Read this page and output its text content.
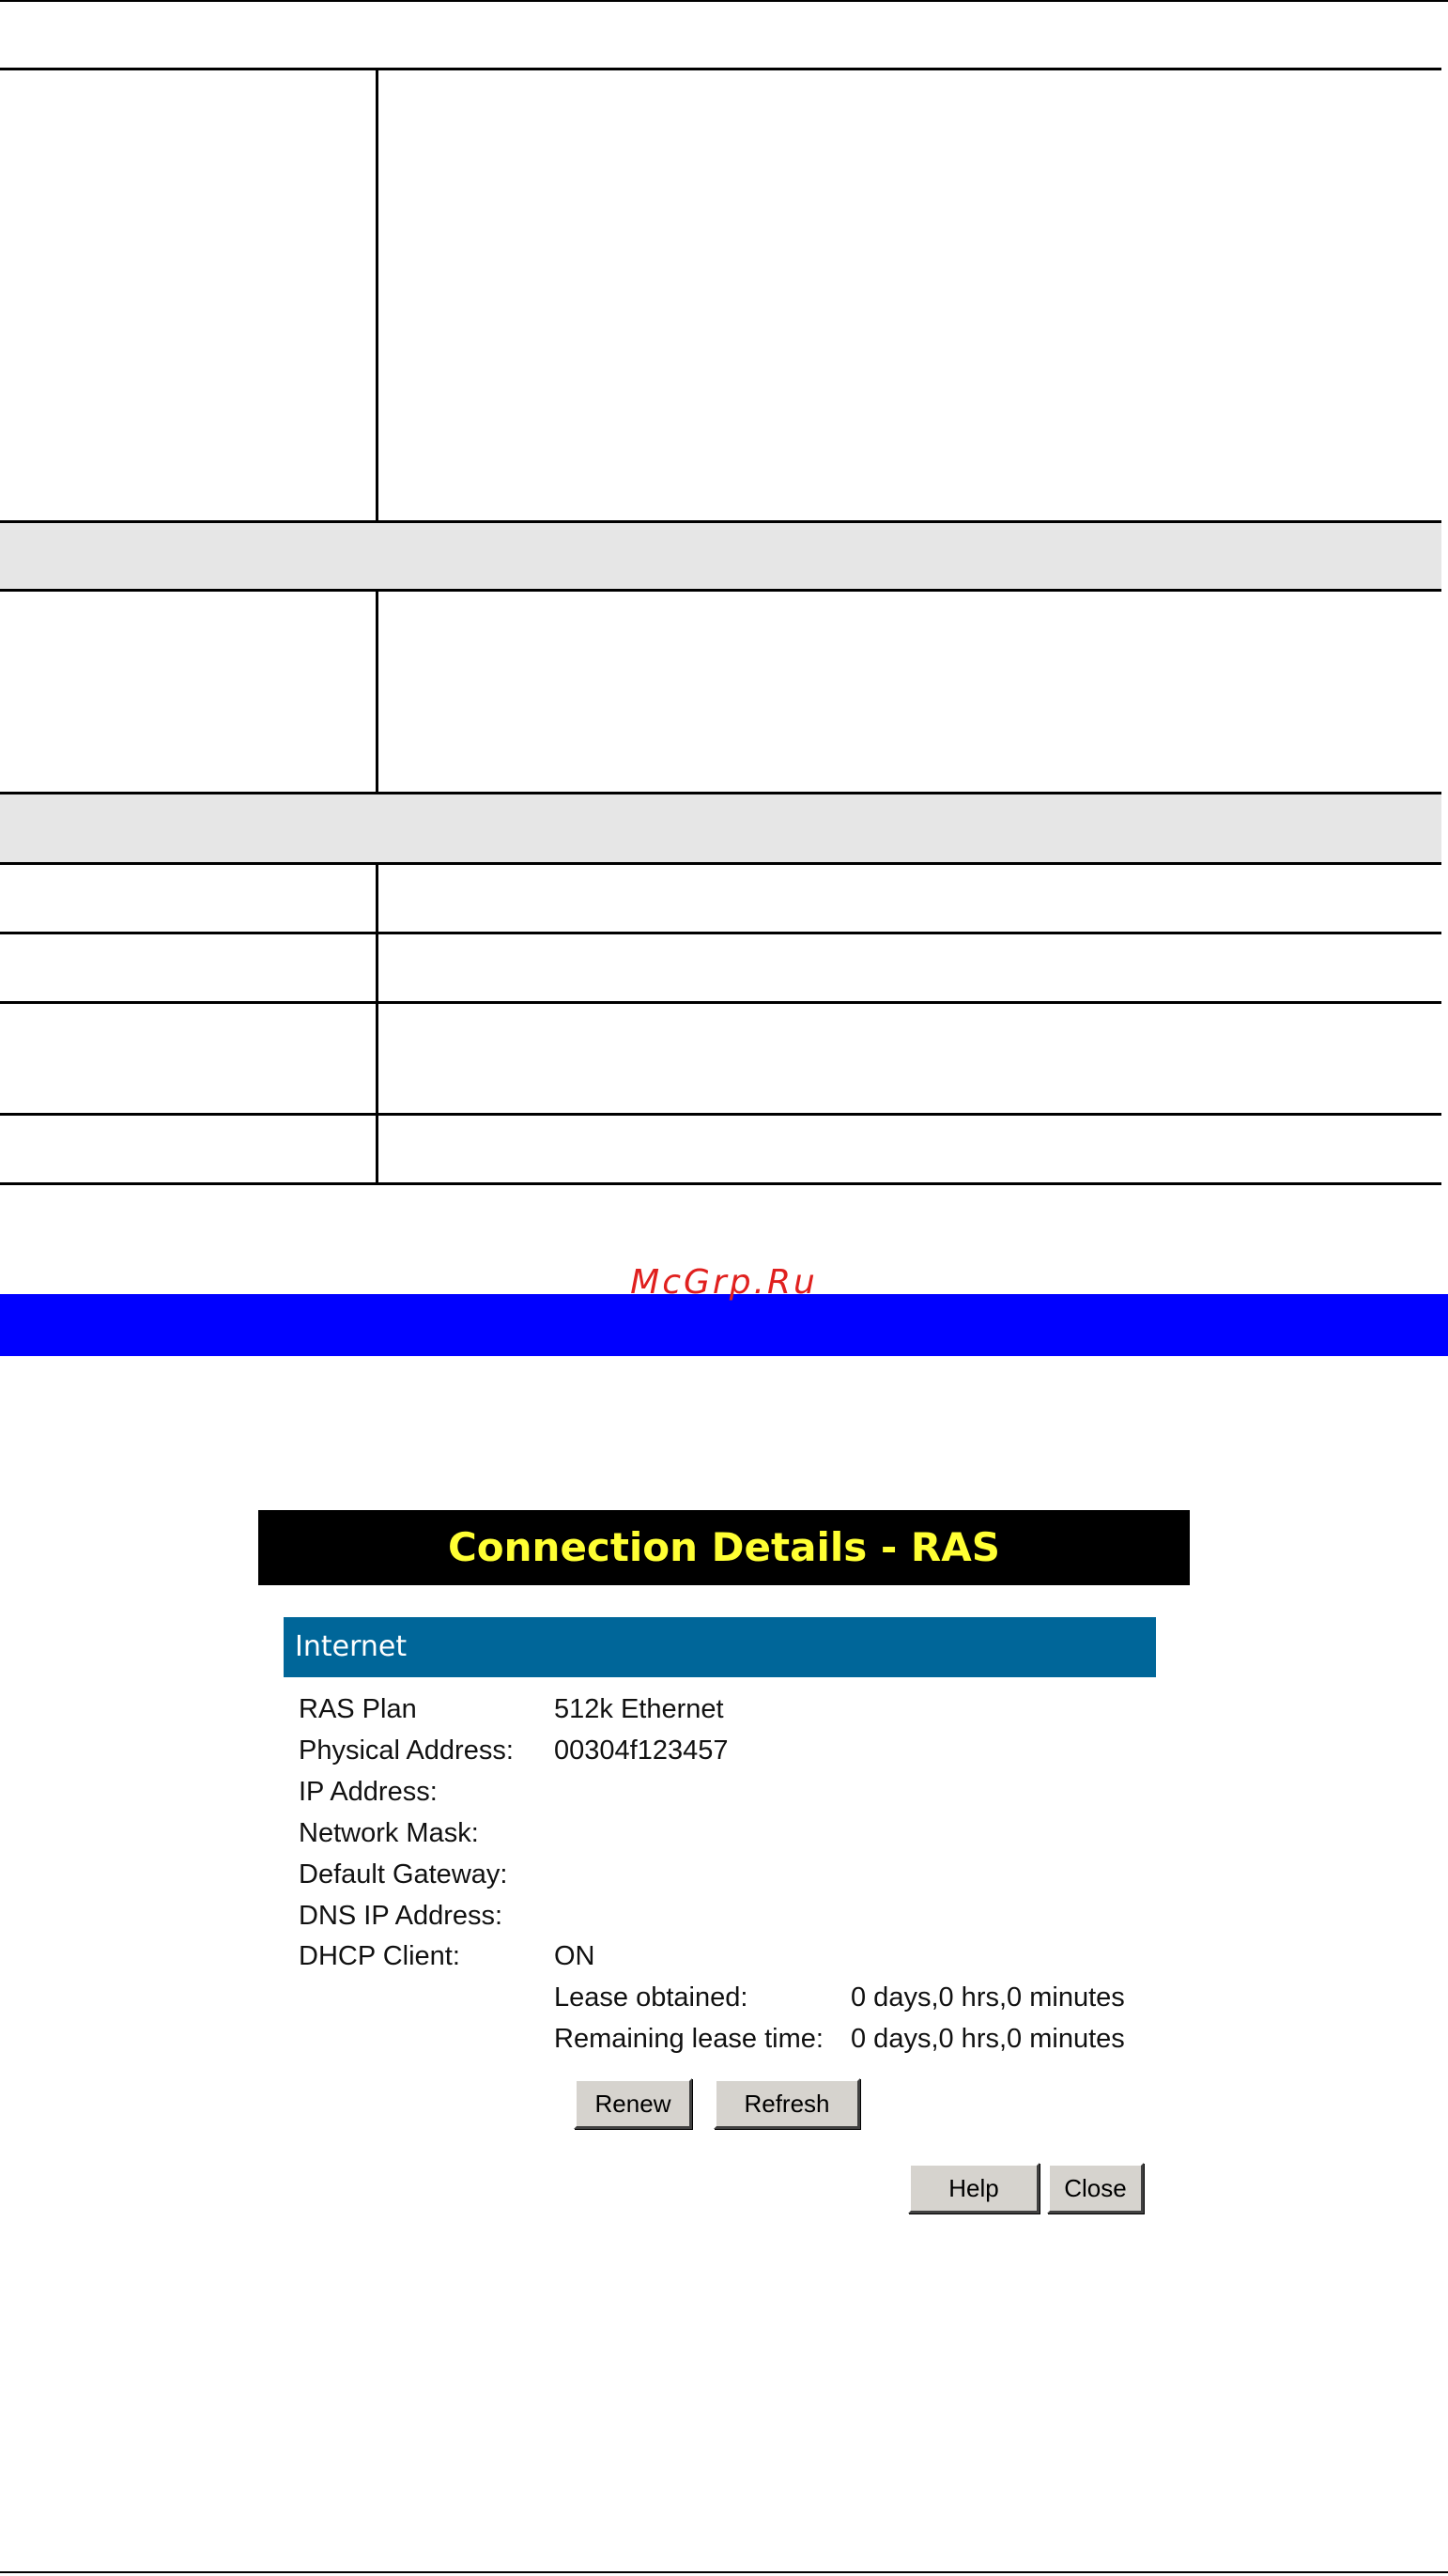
McGrp.Ru
Connection Details - RAS
Internet
RAS Plan	512k Ethernet
Physical Address: 00304f123457
IP Address:
Network Mask:
Default Gateway:
DNS IP Address:
DHCP Client:	ON
Lease obtained:	0 days,0 hrs,0 minutes
Remaining lease time: 0 days,0 hrs,0 minutes
Renew	Refresh
Help	Close
